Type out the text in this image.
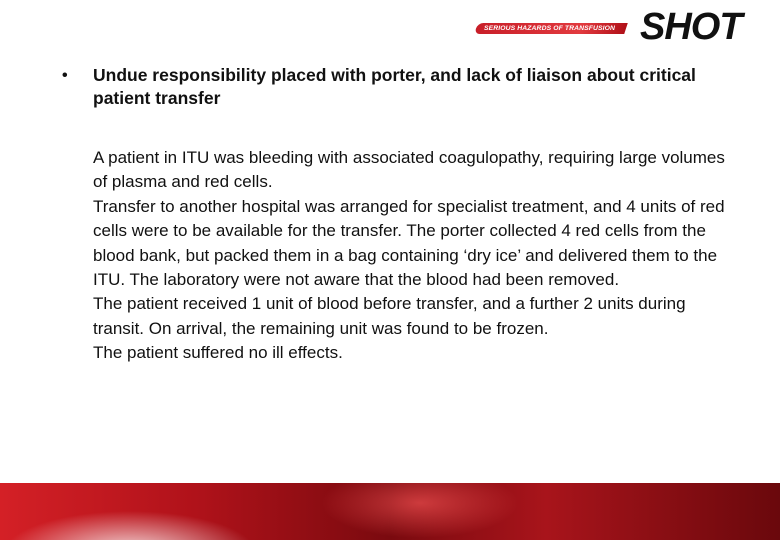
SERIOUS HAZARDS OF TRANSFUSION SHOT
• Undue responsibility placed with porter, and lack of liaison about critical patient transfer

A patient in ITU was bleeding with associated coagulopathy, requiring large volumes of plasma and red cells.

Transfer to another hospital was arranged for specialist treatment, and 4 units of red cells were to be available for the transfer. The porter collected 4 red cells from the blood bank, but packed them in a bag containing ‘dry ice’ and delivered them to the ITU. The laboratory were not aware that the blood had been removed.

The patient received 1 unit of blood before transfer, and a further 2 units during transit. On arrival, the remaining unit was found to be frozen.

The patient suffered no ill effects.
